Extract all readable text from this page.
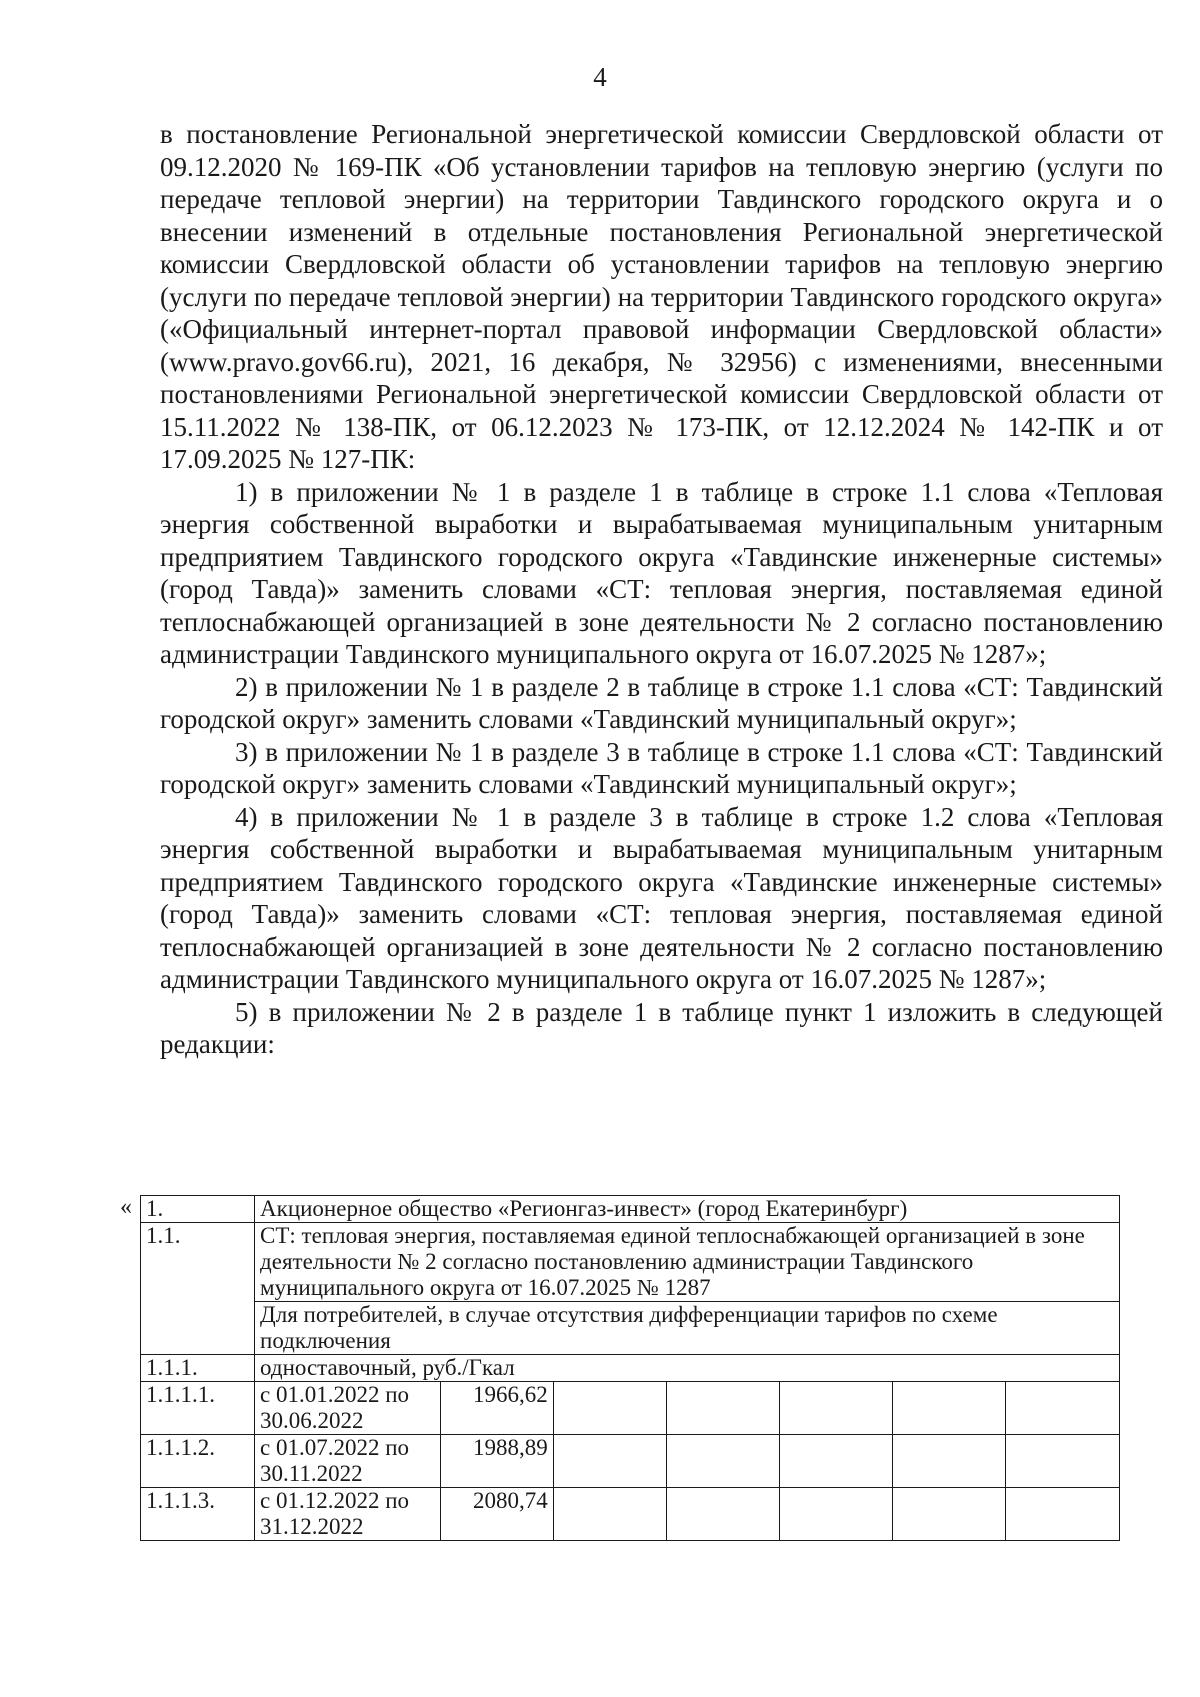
4

в постановление Региональной энергетической комиссии Свердловской области от 09.12.2020 № 169-ПК «Об установлении тарифов на тепловую энергию (услуги по передаче тепловой энергии) на территории Тавдинского городского округа и о внесении изменений в отдельные постановления Региональной энергетической комиссии Свердловской области об установлении тарифов на тепловую энергию (услуги по передаче тепловой энергии) на территории Тавдинского городского округа» («Официальный интернет-портал правовой информации Свердловской области» (www.pravo.gov66.ru), 2021, 16 декабря, № 32956) с изменениями, внесенными постановлениями Региональной энергетической комиссии Свердловской области от 15.11.2022 № 138-ПК, от 06.12.2023 № 173-ПК, от 12.12.2024 № 142-ПК и от 17.09.2025 № 127-ПК:

1) в приложении № 1 в разделе 1 в таблице в строке 1.1 слова «Тепловая энергия собственной выработки и вырабатываемая муниципальным унитарным предприятием Тавдинского городского округа «Тавдинские инженерные системы» (город Тавда)» заменить словами «СТ: тепловая энергия, поставляемая единой теплоснабжающей организацией в зоне деятельности № 2 согласно постановлению администрации Тавдинского муниципального округа от 16.07.2025 № 1287»;

2) в приложении № 1 в разделе 2 в таблице в строке 1.1 слова «СТ: Тавдинский городской округ» заменить словами «Тавдинский муниципальный округ»;

3) в приложении № 1 в разделе 3 в таблице в строке 1.1 слова «СТ: Тавдинский городской округ» заменить словами «Тавдинский муниципальный округ»;

4) в приложении № 1 в разделе 3 в таблице в строке 1.2 слова «Тепловая энергия собственной выработки и вырабатываемая муниципальным унитарным предприятием Тавдинского городского округа «Тавдинские инженерные системы» (город Тавда)» заменить словами «СТ: тепловая энергия, поставляемая единой теплоснабжающей организацией в зоне деятельности № 2 согласно постановлению администрации Тавдинского муниципального округа от 16.07.2025 № 1287»;

5) в приложении № 2 в разделе 1 в таблице пункт 1 изложить в следующей редакции:

« 1.	Акционерное общество «Регионгаз-инвест» (город Екатеринбург)						
1.1.	СТ: тепловая энергия, поставляемая единой теплоснабжающей организацией в зоне деятельности № 2 согласно постановлению администрации Тавдинского муниципального округа от 16.07.2025 № 1287						
	Для потребителей, в случае отсутствия дифференциации тарифов по схеме подключения						
1.1.1.	одноставочный, руб./Гкал						
1.1.1.1.	с 01.01.2022 по 30.06.2022	1966,62					
1.1.1.2.	с 01.07.2022 по 30.11.2022	1988,89					
1.1.1.3.	с 01.12.2022 по 31.12.2022	2080,74					
